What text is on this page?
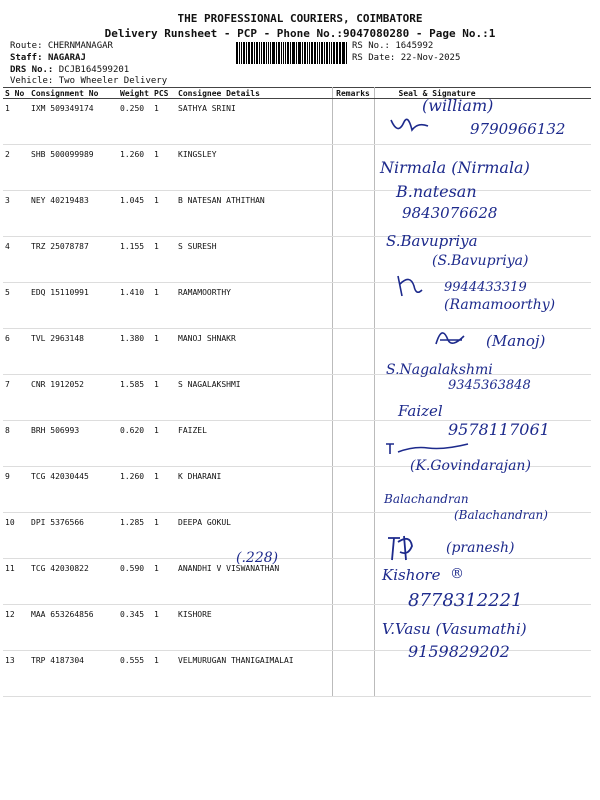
THE PROFESSIONAL COURIERS, COIMBATORE
Delivery Runsheet - PCP - Phone No.:9047080280 - Page No.:1
Route: CHERNMANAGAR
Staff: NAGARAJ
DRS No.: DCJB164599201
Vehicle: Two Wheeler Delivery
RS No.: 1645992
RS Date: 22-Nov-2025
S No	Consignment No	Weight	PCS	Consignee Details	Remarks	Seal & Signature
1	IXM 509349174	0.250	1	SATHYA SRINI		
2	SHB 500099989	1.260	1	KINGSLEY		
3	NEY 40219483	1.045	1	B NATESAN ATHITHAN		
4	TRZ 25078787	1.155	1	S SURESH		
5	EDQ 15110991	1.410	1	RAMAMOORTHY		
6	TVL 2963148	1.380	1	MANOJ SHNAKR		
7	CNR 1912052	1.585	1	S NAGALAKSHMI		
8	BRH 506993	0.620	1	FAIZEL		
9	TCG 42030445	1.260	1	K DHARANI		
10	DPI 5376566	1.285	1	DEEPA GOKUL		
11	TCG 42030822	0.590	1	ANANDHI V VISWANATHAN		
12	MAA 653264856	0.345	1	KISHORE		
13	TRP 4187304	0.555	1	VELMURUGAN THANIGAIMALAI		
(william)
9790966132
Nirmala (Nirmala)
B.natesan
9843076628
S.Bavupriya
(S.Bavupriya)
9944433319
(Ramamoorthy)
(Manoj)
S.Nagalakshmi
9345363848
Faizel
9578117061
(K.Govindarajan)
Balachandran
(Balachandran)
(.228)
(pranesh)
Kishore ®
8778312221
V.Vasu (Vasumathi)
9159829202
